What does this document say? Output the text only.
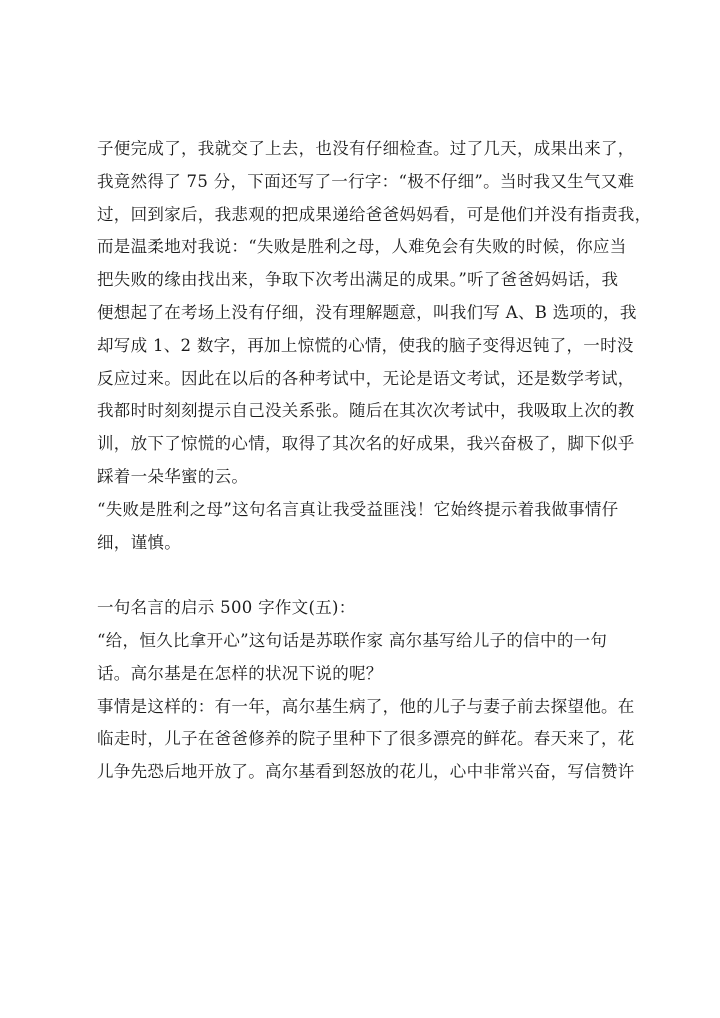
子便完成了，我就交了上去，也没有仔细检查。过了几天，成果出来了，
我竟然得了 75 分，下面还写了一行字：“极不仔细”。当时我又生气又难
过，回到家后，我悲观的把成果递给爸爸妈妈看，可是他们并没有指责我，
而是温柔地对我说：“失败是胜利之母，人难免会有失败的时候，你应当
把失败的缘由找出来，争取下次考出满足的成果。”听了爸爸妈妈话，我
便想起了在考场上没有仔细，没有理解题意，叫我们写 A、B 选项的，我
却写成 1、2 数字，再加上惊慌的心情，使我的脑子变得迟钝了，一时没
反应过来。因此在以后的各种考试中，无论是语文考试，还是数学考试，
我都时时刻刻提示自己没关系张。随后在其次次考试中，我吸取上次的教
训，放下了惊慌的心情，取得了其次名的好成果，我兴奋极了，脚下似乎
踩着一朵华蜜的云。
“失败是胜利之母”这句名言真让我受益匪浅！它始终提示着我做事情仔
细，谨慎。
一句名言的启示 500 字作文(五)：
“给，恒久比拿开心”这句话是苏联作家 高尔基写给儿子的信中的一句
话。高尔基是在怎样的状况下说的呢？
事情是这样的：有一年，高尔基生病了，他的儿子与妻子前去探望他。在
临走时，儿子在爸爸修养的院子里种下了很多漂亮的鲜花。春天来了，花
儿争先恐后地开放了。高尔基看到怒放的花儿，心中非常兴奋，写信赞许
